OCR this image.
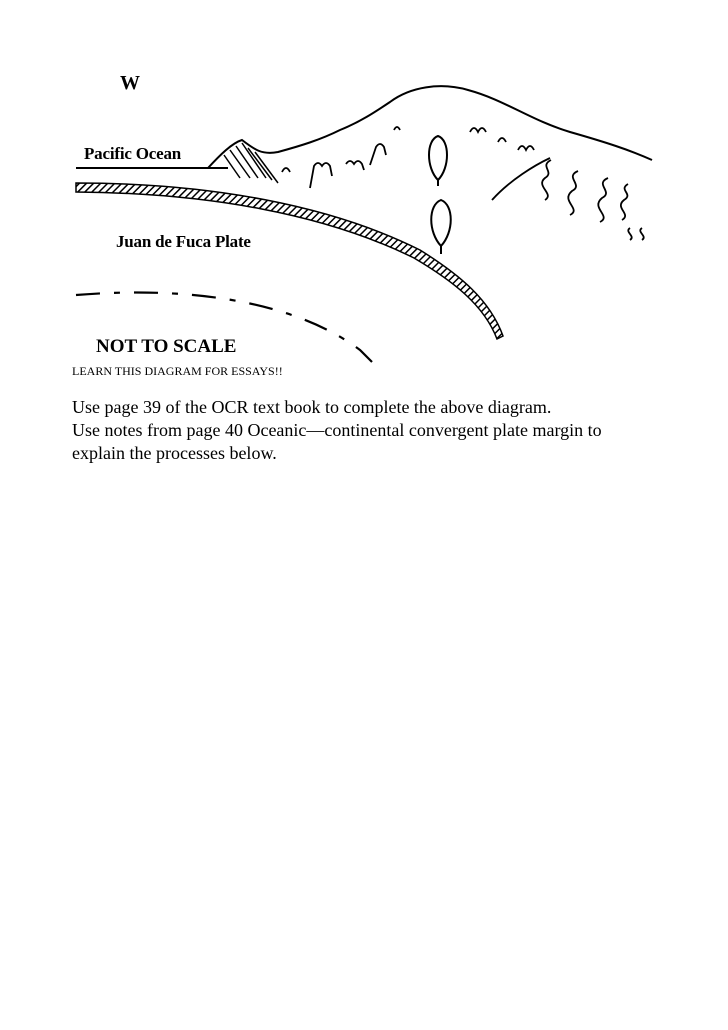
W
Pacific Ocean
Juan de Fuca Plate
NOT TO SCALE
LEARN THIS DIAGRAM FOR ESSAYS!!
Use page 39 of the OCR text book to complete the above diagram.
Use notes from page 40 Oceanic—continental convergent plate margin to
explain the processes below.
